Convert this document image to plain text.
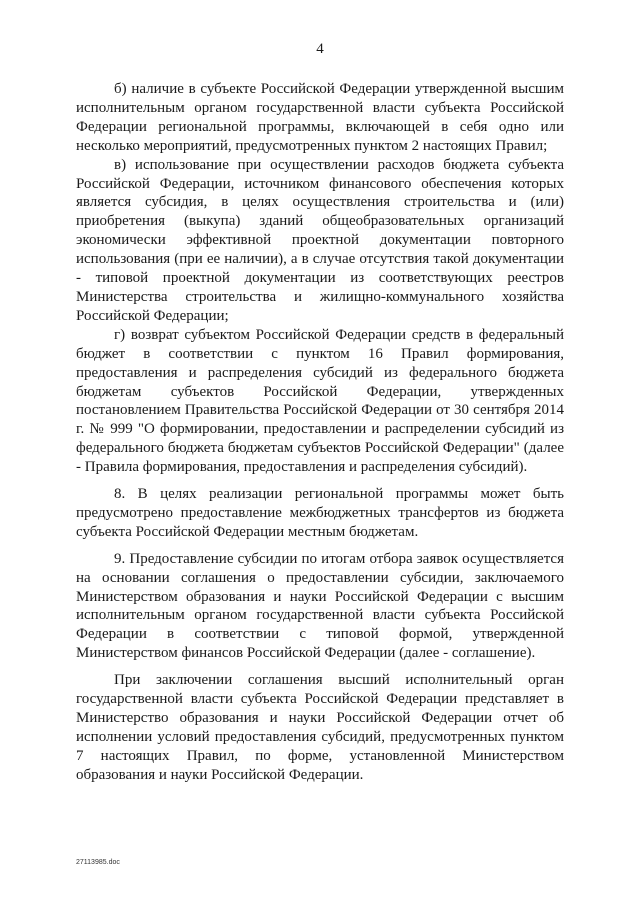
4

б) наличие в субъекте Российской Федерации утвержденной высшим исполнительным органом государственной власти субъекта Российской Федерации региональной программы, включающей в себя одно или несколько мероприятий, предусмотренных пунктом 2 настоящих Правил;

в) использование при осуществлении расходов бюджета субъекта Российской Федерации, источником финансового обеспечения которых является субсидия, в целях осуществления строительства и (или) приобретения (выкупа) зданий общеобразовательных организаций экономически эффективной проектной документации повторного использования (при ее наличии), а в случае отсутствия такой документации - типовой проектной документации из соответствующих реестров Министерства строительства и жилищно-коммунального хозяйства Российской Федерации;

г) возврат субъектом Российской Федерации средств в федеральный бюджет в соответствии с пунктом 16 Правил формирования, предоставления и распределения субсидий из федерального бюджета бюджетам субъектов Российской Федерации, утвержденных постановлением Правительства Российской Федерации от 30 сентября 2014 г. № 999 "О формировании, предоставлении и распределении субсидий из федерального бюджета бюджетам субъектов Российской Федерации" (далее - Правила формирования, предоставления и распределения субсидий).

8. В целях реализации региональной программы может быть предусмотрено предоставление межбюджетных трансфертов из бюджета субъекта Российской Федерации местным бюджетам.

9. Предоставление субсидии по итогам отбора заявок осуществляется на основании соглашения о предоставлении субсидии, заключаемого Министерством образования и науки Российской Федерации с высшим исполнительным органом государственной власти субъекта Российской Федерации в соответствии с типовой формой, утвержденной Министерством финансов Российской Федерации (далее - соглашение).

При заключении соглашения высший исполнительный орган государственной власти субъекта Российской Федерации представляет в Министерство образования и науки Российской Федерации отчет об исполнении условий предоставления субсидий, предусмотренных пунктом 7 настоящих Правил, по форме, установленной Министерством образования и науки Российской Федерации.

27113985.doc
